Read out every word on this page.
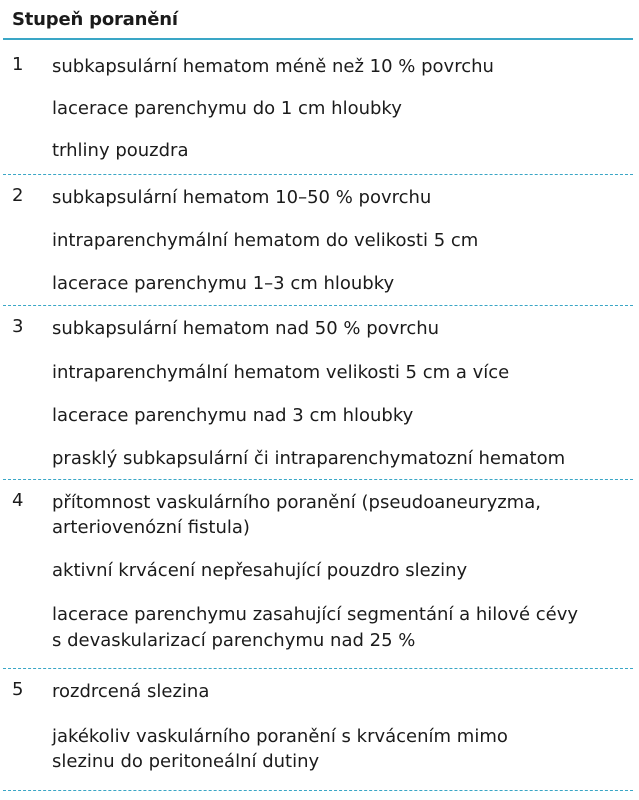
Stupeň poranění
1 subkapsulární hematom méně než 10 % povrchu
lacerace parenchymu do 1 cm hloubky
trhliny pouzdra
2 subkapsulární hematom 10–50 % povrchu
intraparenchymální hematom do velikosti 5 cm
lacerace parenchymu 1–3 cm hloubky
3 subkapsulární hematom nad 50 % povrchu
intraparenchymální hematom velikosti 5 cm a více
lacerace parenchymu nad 3 cm hloubky
prasklý subkapsulární či intraparenchymatozní hematom
4 přítomnost vaskulárního poranění (pseudoaneuryzma,
arteriovenózní fistula)
aktivní krvácení nepřesahující pouzdro sleziny
lacerace parenchymu zasahující segmentání a hilové cévy
s devaskularizací parenchymu nad 25 %
5 rozdrcená slezina
jakékoliv vaskulárního poranění s krvácením mimo
slezinu do peritoneální dutiny
